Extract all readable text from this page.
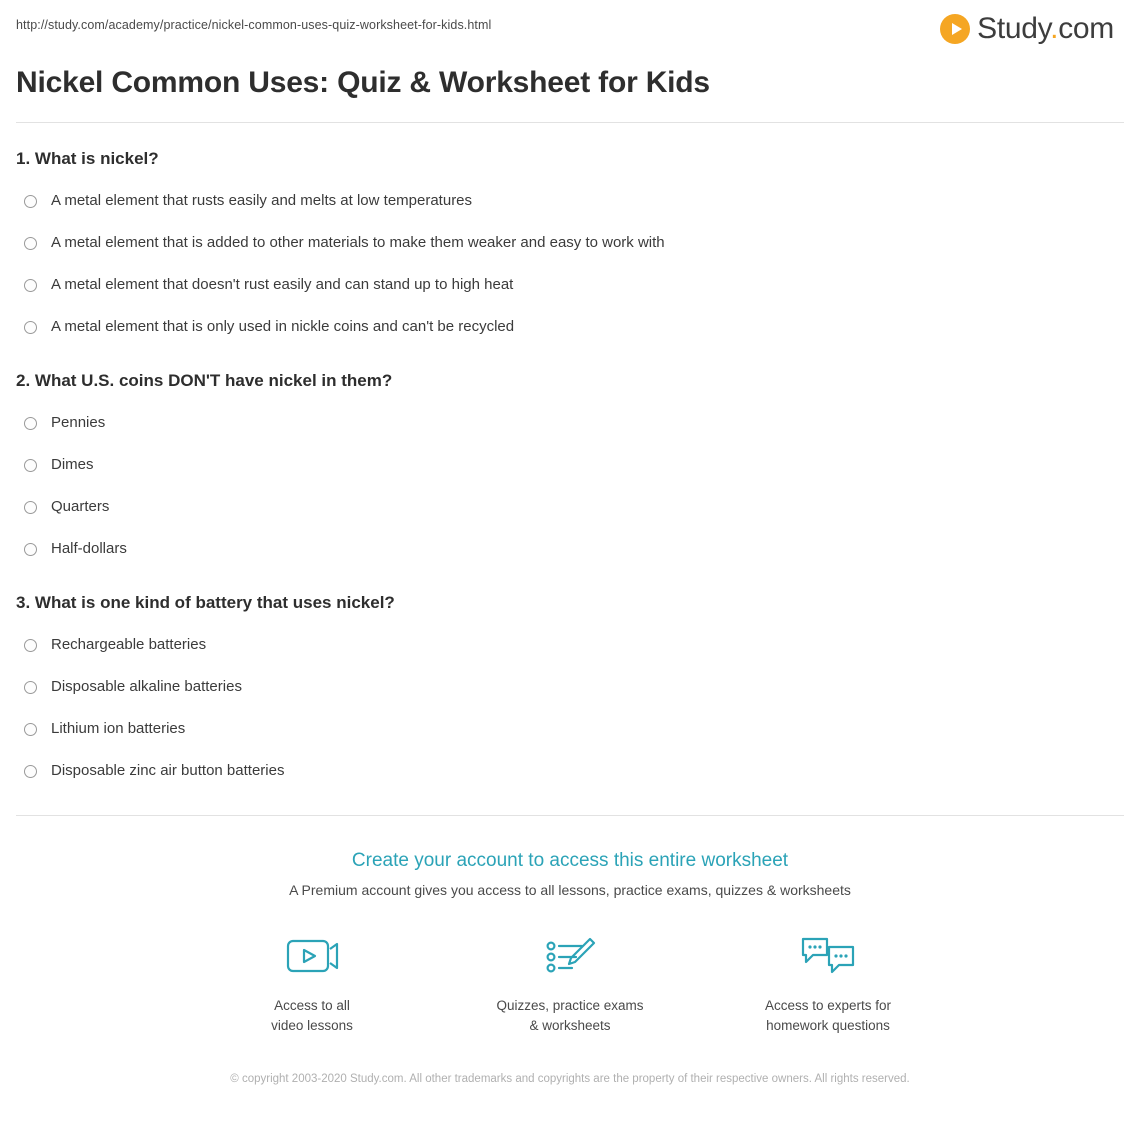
http://study.com/academy/practice/nickel-common-uses-quiz-worksheet-for-kids.html	Study.com
Nickel Common Uses: Quiz & Worksheet for Kids

1. What is nickel?

A metal element that rusts easily and melts at low temperatures
A metal element that is added to other materials to make them weaker and easy to work with
A metal element that doesn't rust easily and can stand up to high heat
A metal element that is only used in nickle coins and can't be recycled

2. What U.S. coins DON'T have nickel in them?

Pennies
Dimes
Quarters
Half-dollars

3. What is one kind of battery that uses nickel?

Rechargeable batteries
Disposable alkaline batteries
Lithium ion batteries
Disposable zinc air button batteries
Create your account to access this entire worksheet

A Premium account gives you access to all lessons, practice exams, quizzes & worksheets

Access to all
video lessons
Quizzes, practice exams
& worksheets
Access to experts for
homework questions
© copyright 2003-2020 Study.com. All other trademarks and copyrights are the property of their respective owners. All rights reserved.
